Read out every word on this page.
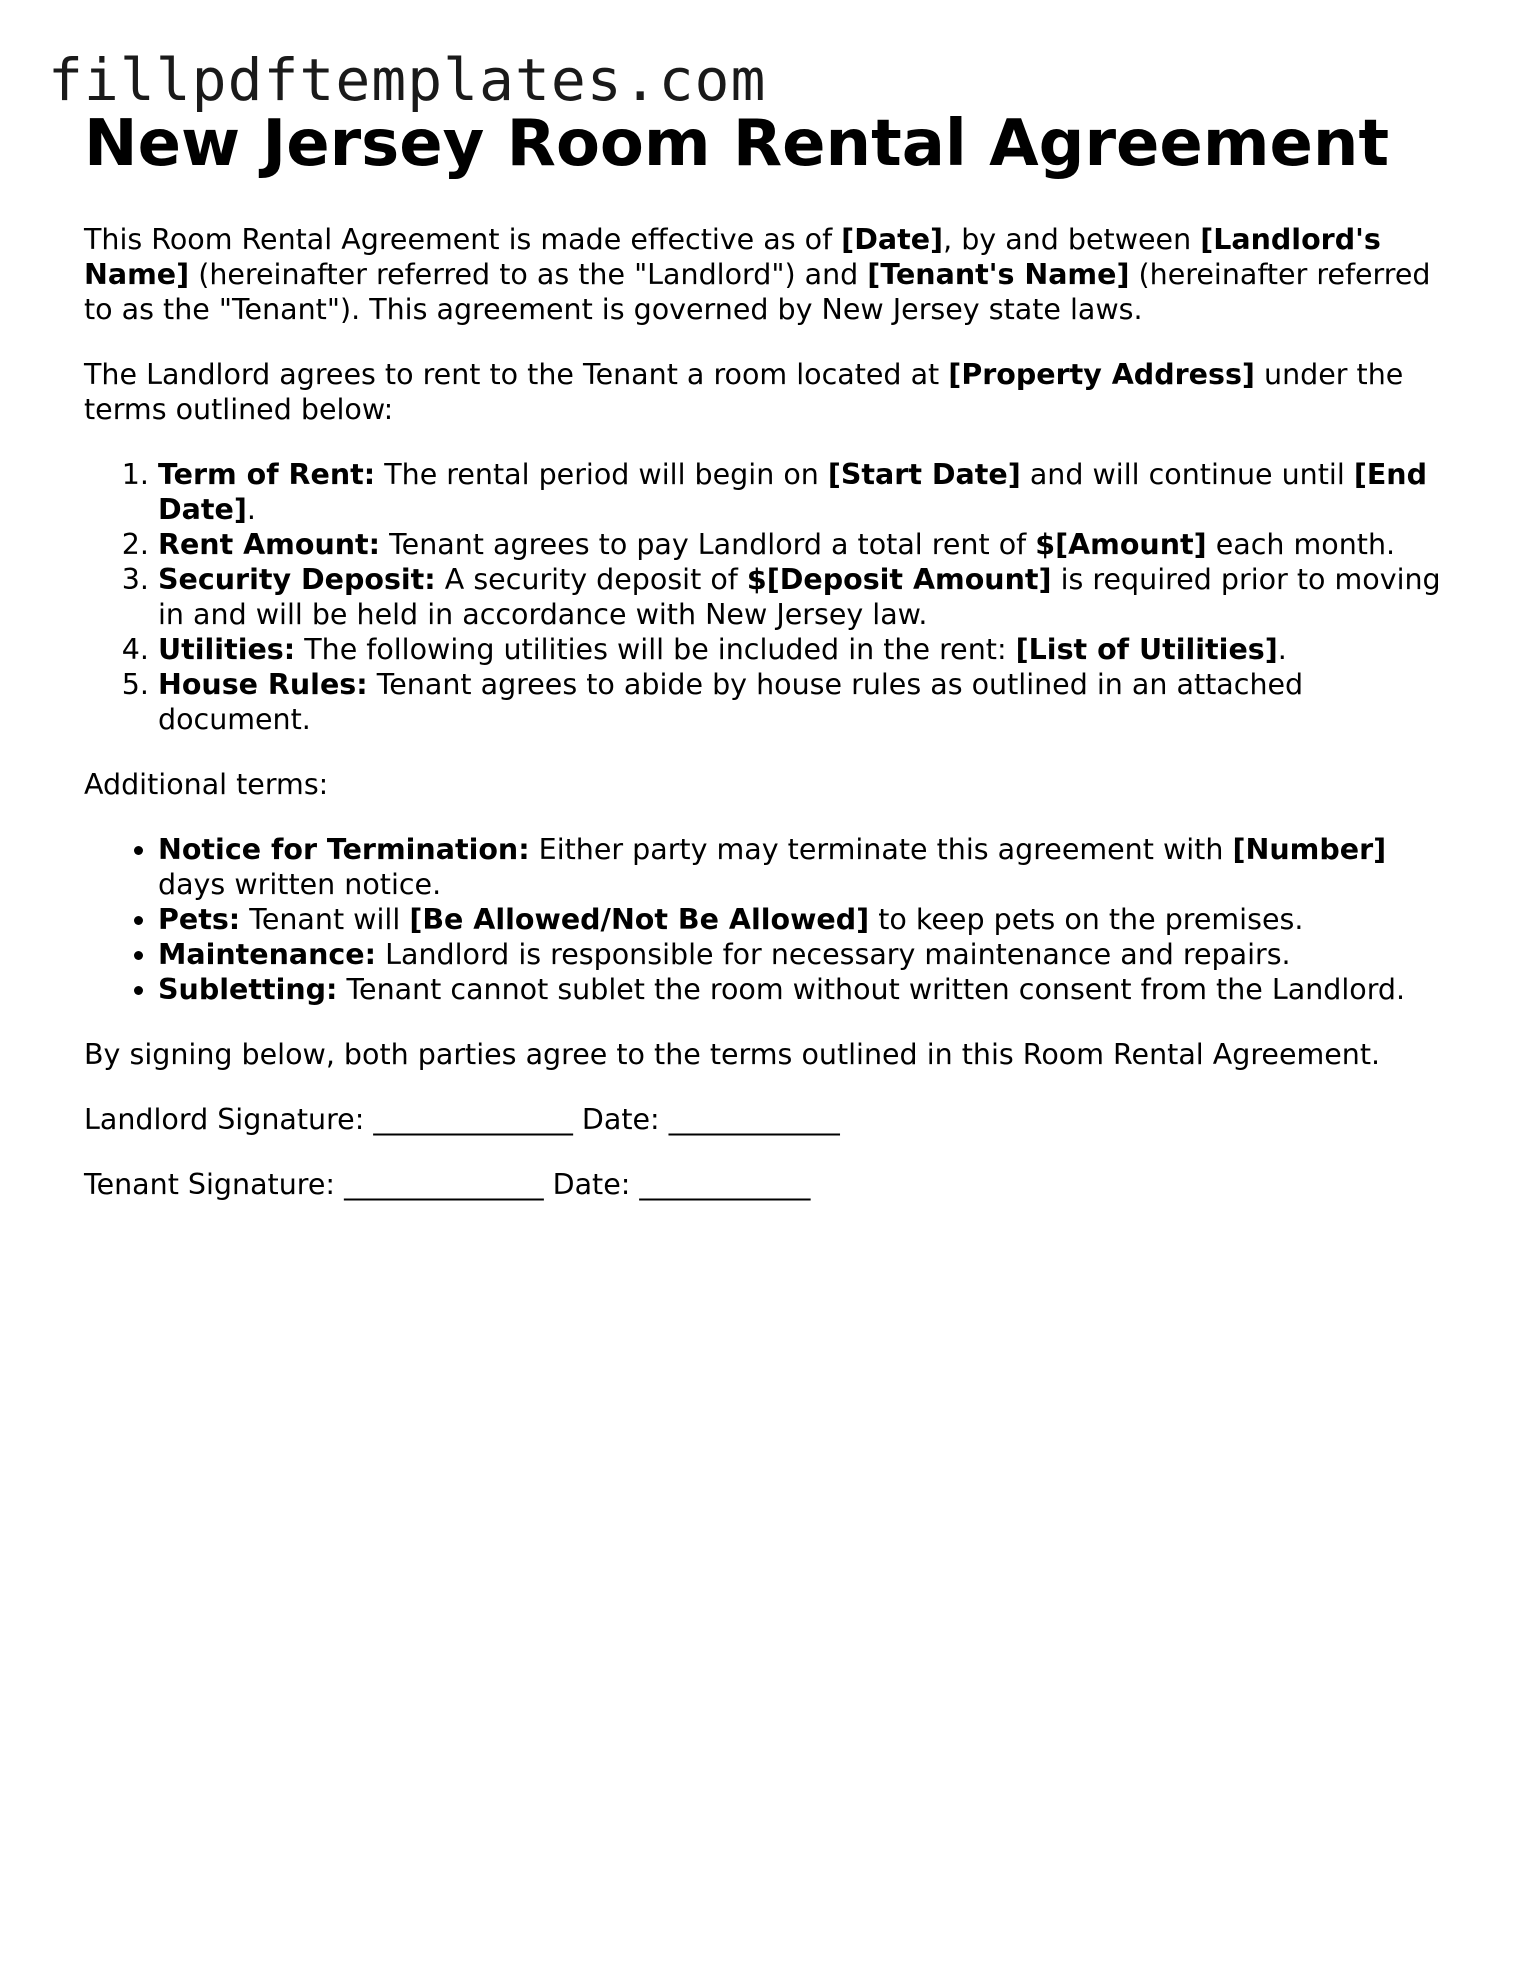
fillpdftemplates.com
New Jersey Room Rental Agreement

This Room Rental Agreement is made effective as of [Date], by and between [Landlord's Name] (hereinafter referred to as the "Landlord") and [Tenant's Name] (hereinafter referred to as the "Tenant"). This agreement is governed by New Jersey state laws.

The Landlord agrees to rent to the Tenant a room located at [Property Address] under the terms outlined below:

1. Term of Rent: The rental period will begin on [Start Date] and will continue until [End Date].
2. Rent Amount: Tenant agrees to pay Landlord a total rent of $[Amount] each month.
3. Security Deposit: A security deposit of $[Deposit Amount] is required prior to moving in and will be held in accordance with New Jersey law.
4. Utilities: The following utilities will be included in the rent: [List of Utilities].
5. House Rules: Tenant agrees to abide by house rules as outlined in an attached document.

Additional terms:

• Notice for Termination: Either party may terminate this agreement with [Number] days written notice.
• Pets: Tenant will [Be Allowed/Not Be Allowed] to keep pets on the premises.
• Maintenance: Landlord is responsible for necessary maintenance and repairs.
• Subletting: Tenant cannot sublet the room without written consent from the Landlord.

By signing below, both parties agree to the terms outlined in this Room Rental Agreement.

Landlord Signature: ______________ Date: ____________
Tenant Signature: ______________ Date: ____________
